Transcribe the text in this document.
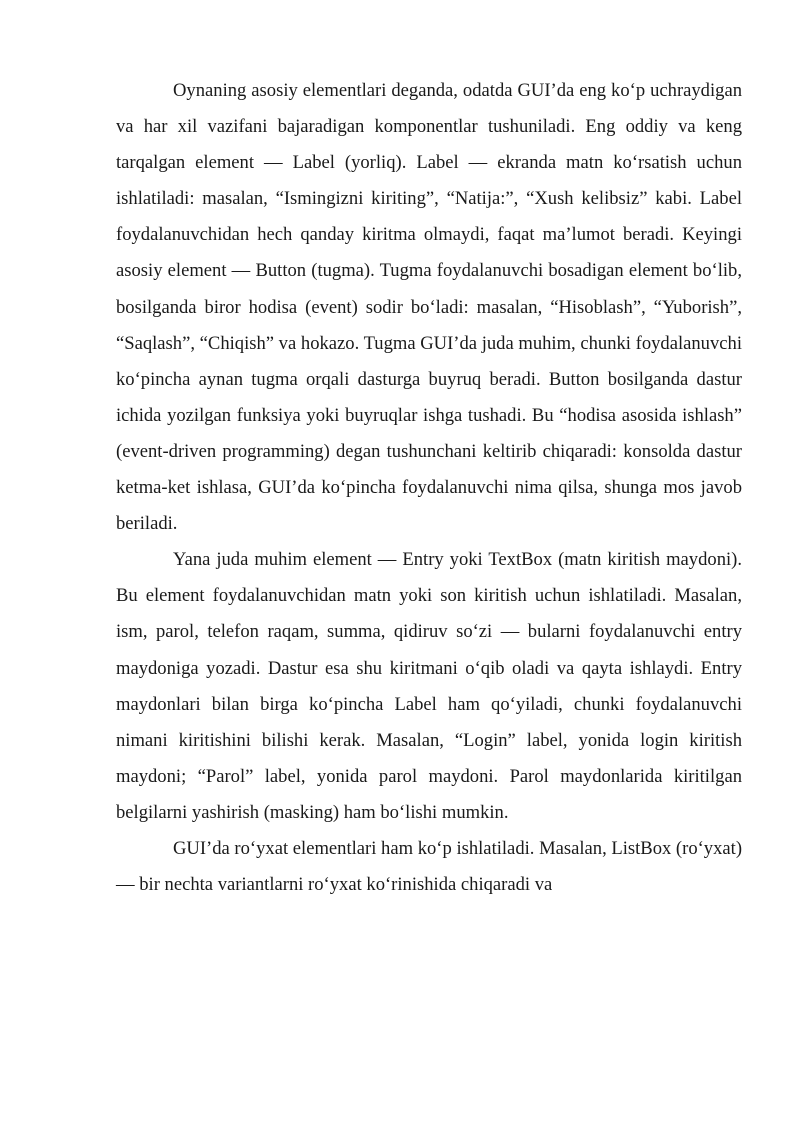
Oynaning asosiy elementlari deganda, odatda GUI’da eng ko‘p uchraydigan va har xil vazifani bajaradigan komponentlar tushuniladi. Eng oddiy va keng tarqalgan element — Label (yorliq). Label — ekranda matn ko‘rsatish uchun ishlatiladi: masalan, “Ismingizni kiriting”, “Natija:”, “Xush kelibsiz” kabi. Label foydalanuvchidan hech qanday kiritma olmaydi, faqat ma’lumot beradi. Keyingi asosiy element — Button (tugma). Tugma foydalanuvchi bosadigan element bo‘lib, bosilganda biror hodisa (event) sodir bo‘ladi: masalan, “Hisoblash”, “Yuborish”, “Saqlash”, “Chiqish” va hokazo. Tugma GUI’da juda muhim, chunki foydalanuvchi ko‘pincha aynan tugma orqali dasturga buyruq beradi. Button bosilganda dastur ichida yozilgan funksiya yoki buyruqlar ishga tushadi. Bu “hodisa asosida ishlash” (event-driven programming) degan tushunchani keltirib chiqaradi: konsolda dastur ketma-ket ishlasa, GUI’da ko‘pincha foydalanuvchi nima qilsa, shunga mos javob beriladi.

Yana juda muhim element — Entry yoki TextBox (matn kiritish maydoni). Bu element foydalanuvchidan matn yoki son kiritish uchun ishlatiladi. Masalan, ism, parol, telefon raqam, summa, qidiruv so‘zi — bularni foydalanuvchi entry maydoniga yozadi. Dastur esa shu kiritmani o‘qib oladi va qayta ishlaydi. Entry maydonlari bilan birga ko‘pincha Label ham qo‘yiladi, chunki foydalanuvchi nimani kiritishini bilishi kerak. Masalan, “Login” label, yonida login kiritish maydoni; “Parol” label, yonida parol maydoni. Parol maydonlarida kiritilgan belgilarni yashirish (masking) ham bo‘lishi mumkin.

GUI’da ro‘yxat elementlari ham ko‘p ishlatiladi. Masalan, ListBox (ro‘yxat) — bir nechta variantlarni ro‘yxat ko‘rinishida chiqaradi va
